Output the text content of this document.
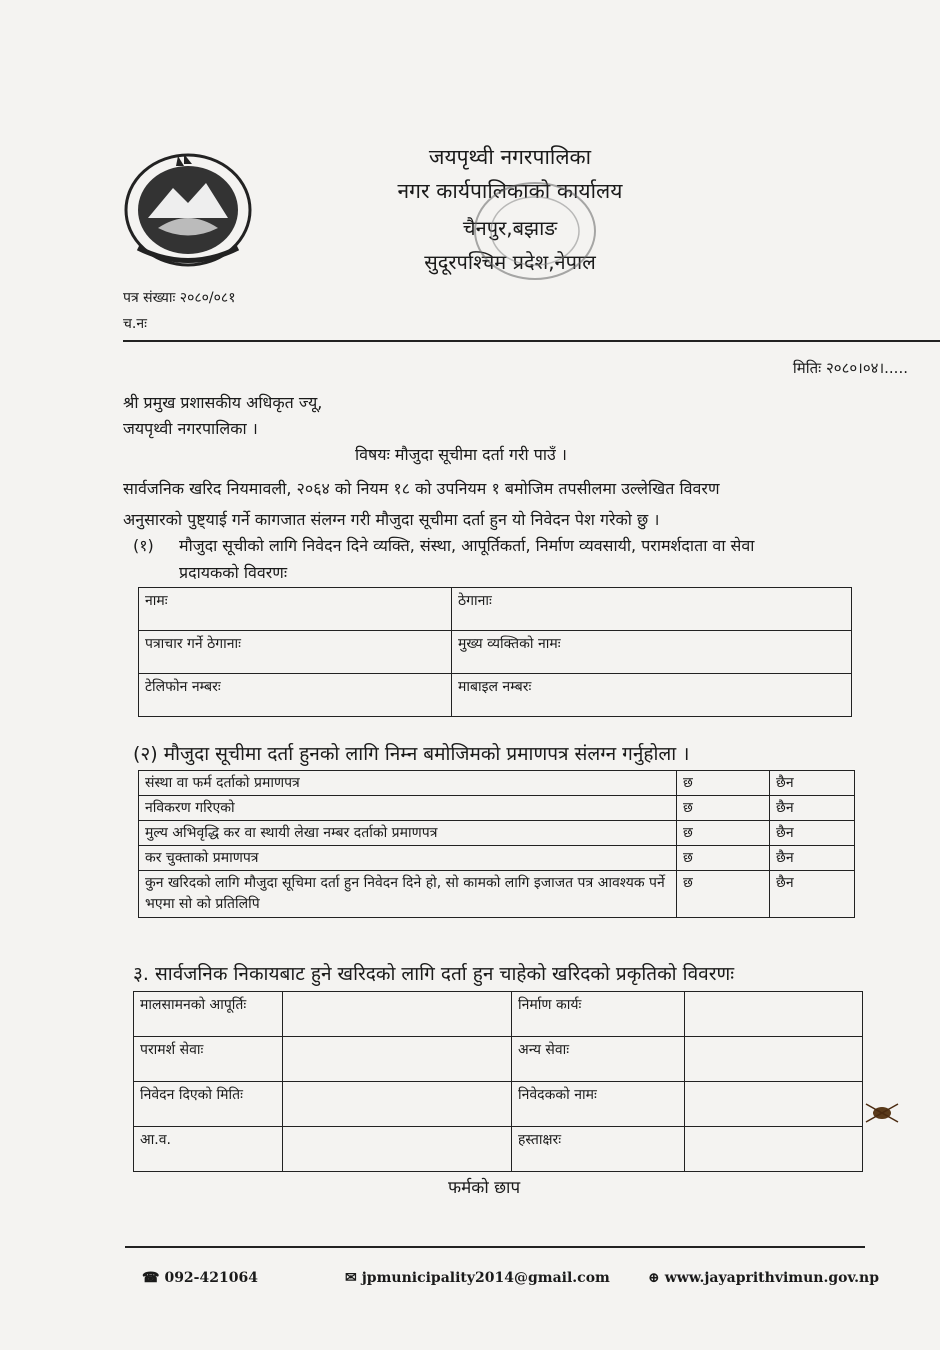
जयपृथ्वी नगरपालिका
नगर कार्यपालिकाको कार्यालय
चैनपुर,बझाङ
सुदूरपश्चिम प्रदेश,नेपाल
पत्र संख्याः २०८०/०८१
च.नः
मितिः २०८०।०४।.....
श्री प्रमुख प्रशासकीय अधिकृत ज्यू,
जयपृथ्वी नगरपालिका ।
विषयः मौजुदा सूचीमा दर्ता गरी पाउँ ।
सार्वजनिक खरिद नियमावली, २०६४ को नियम १८ को उपनियम १ बमोजिम तपसीलमा उल्लेखित विवरण
अनुसारको पुष्ट्याई गर्ने कागजात संलग्न गरी मौजुदा सूचीमा दर्ता हुन यो निवेदन पेश गरेको छु ।
(१) मौजुदा सूचीको लागि निवेदन दिने व्यक्ति, संस्था, आपूर्तिकर्ता, निर्माण व्यवसायी, परामर्शदाता वा सेवा
प्रदायकको विवरणः
नामः	ठेगानाः
पत्राचार गर्ने ठेगानाः	मुख्य व्यक्तिको नामः
टेलिफोन नम्बरः	माबाइल नम्बरः
(२) मौजुदा सूचीमा दर्ता हुनको लागि निम्न बमोजिमको प्रमाणपत्र संलग्न गर्नुहोला ।
संस्था वा फर्म दर्ताको प्रमाणपत्र	छ	छैन
नविकरण गरिएको	छ	छैन
मुल्य अभिवृद्धि कर वा स्थायी लेखा नम्बर दर्ताको प्रमाणपत्र	छ	छैन
कर चुक्ताको प्रमाणपत्र	छ	छैन
कुन खरिदको लागि मौजुदा सूचिमा दर्ता हुन निवेदन दिने हो, सो कामको लागि इजाजत पत्र आवश्यक पर्ने भएमा सो को प्रतिलिपि	छ	छैन
३. सार्वजनिक निकायबाट हुने खरिदको लागि दर्ता हुन चाहेको खरिदको प्रकृतिको विवरणः
मालसामनको आपूर्तिः		निर्माण कार्यः	
परामर्श सेवाः		अन्य सेवाः	
निवेदन दिएको मितिः		निवेदकको नामः	
आ.व.		हस्ताक्षरः	
फर्मको छाप
☎ 092-421064	✉ jpmunicipality2014@gmail.com	⊕ www.jayaprithvimun.gov.np
